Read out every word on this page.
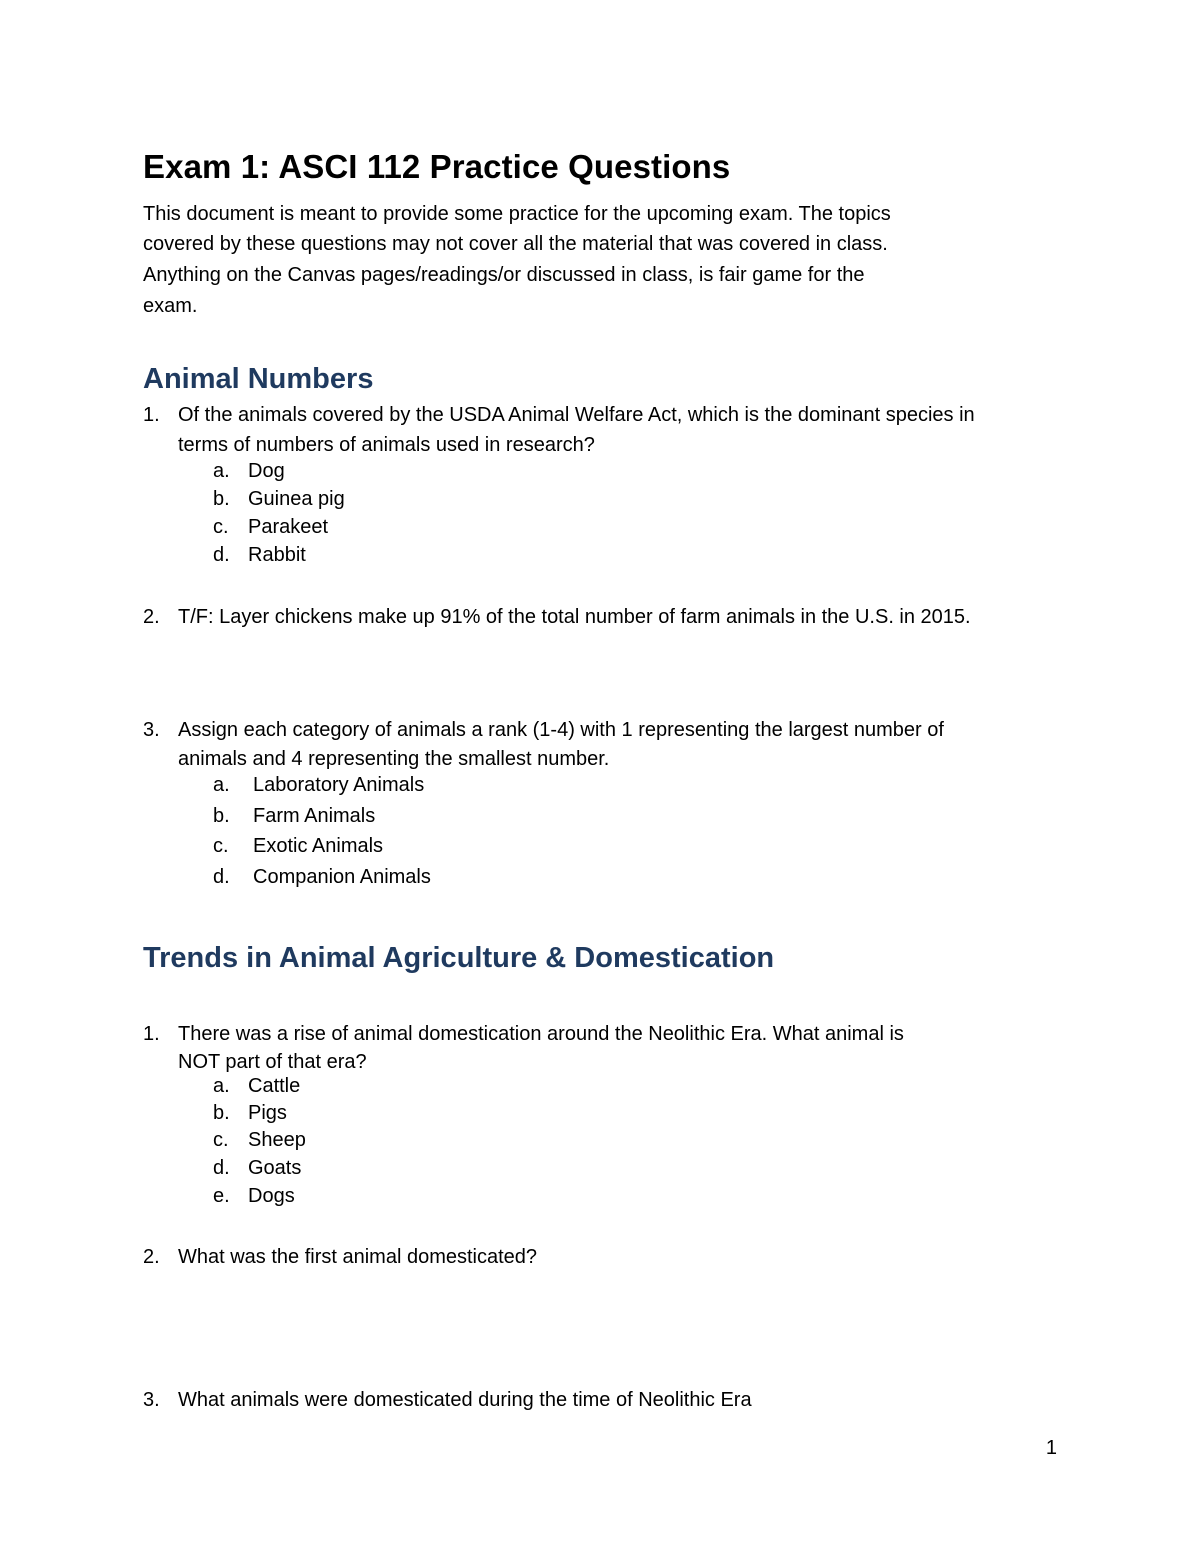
Exam 1: ASCI 112 Practice Questions
This document is meant to provide some practice for the upcoming exam. The topics
covered by these questions may not cover all the material that was covered in class.
Anything on the Canvas pages/readings/or discussed in class, is fair game for the
exam.
Animal Numbers
1. Of the animals covered by the USDA Animal Welfare Act, which is the dominant species in
terms of numbers of animals used in research?
a. Dog
b. Guinea pig
c. Parakeet
d. Rabbit
2. T/F: Layer chickens make up 91% of the total number of farm animals in the U.S. in 2015.
3. Assign each category of animals a rank (1-4) with 1 representing the largest number of
animals and 4 representing the smallest number.
a. Laboratory Animals
b. Farm Animals
c. Exotic Animals
d. Companion Animals
Trends in Animal Agriculture & Domestication
1. There was a rise of animal domestication around the Neolithic Era. What animal is
NOT part of that era?
a. Cattle
b. Pigs
c. Sheep
d. Goats
e. Dogs
2. What was the first animal domesticated?
3. What animals were domesticated during the time of Neolithic Era
1
